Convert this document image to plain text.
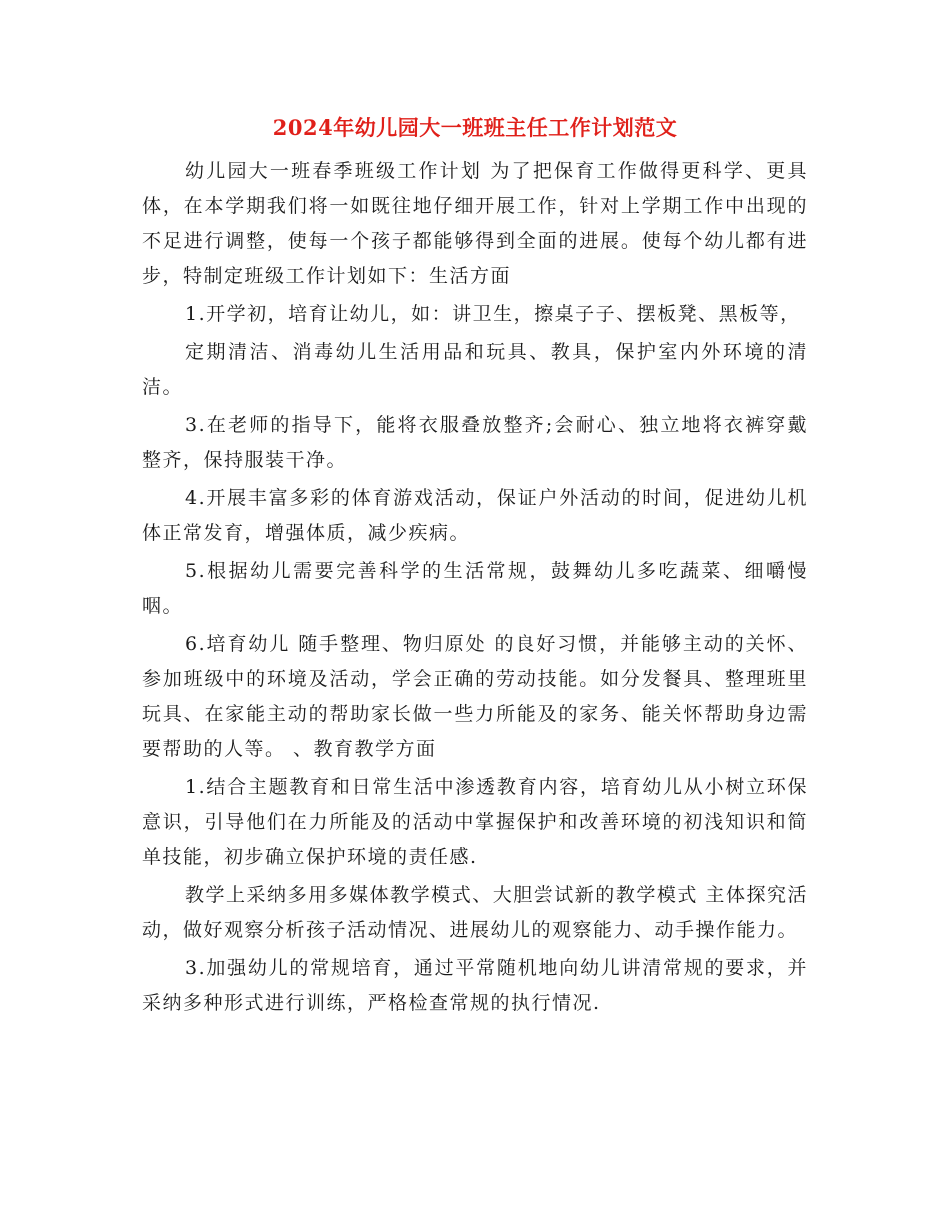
2024年幼儿园大一班班主任工作计划范文

幼儿园大一班春季班级工作计划 为了把保育工作做得更科学、更具体，在本学期我们将一如既往地仔细开展工作，针对上学期工作中出现的不足进行调整，使每一个孩子都能够得到全面的进展。使每个幼儿都有进步，特制定班级工作计划如下：生活方面

1.开学初，培育让幼儿，如：讲卫生，擦桌子子、摆板凳、黑板等，

定期清洁、消毒幼儿生活用品和玩具、教具，保护室内外环境的清洁。

3.在老师的指导下，能将衣服叠放整齐;会耐心、独立地将衣裤穿戴整齐，保持服装干净。

4.开展丰富多彩的体育游戏活动，保证户外活动的时间，促进幼儿机体正常发育，增强体质，减少疾病。

5.根据幼儿需要完善科学的生活常规，鼓舞幼儿多吃蔬菜、细嚼慢咽。

6.培育幼儿 随手整理、物归原处 的良好习惯，并能够主动的关怀、参加班级中的环境及活动，学会正确的劳动技能。如分发餐具、整理班里玩具、在家能主动的帮助家长做一些力所能及的家务、能关怀帮助身边需要帮助的人等。 、教育教学方面

1.结合主题教育和日常生活中渗透教育内容，培育幼儿从小树立环保意识，引导他们在力所能及的活动中掌握保护和改善环境的初浅知识和简单技能，初步确立保护环境的责任感.

教学上采纳多用多媒体教学模式、大胆尝试新的教学模式 主体探究活动，做好观察分析孩子活动情况、进展幼儿的观察能力、动手操作能力。

3.加强幼儿的常规培育，通过平常随机地向幼儿讲清常规的要求，并采纳多种形式进行训练，严格检查常规的执行情况.
